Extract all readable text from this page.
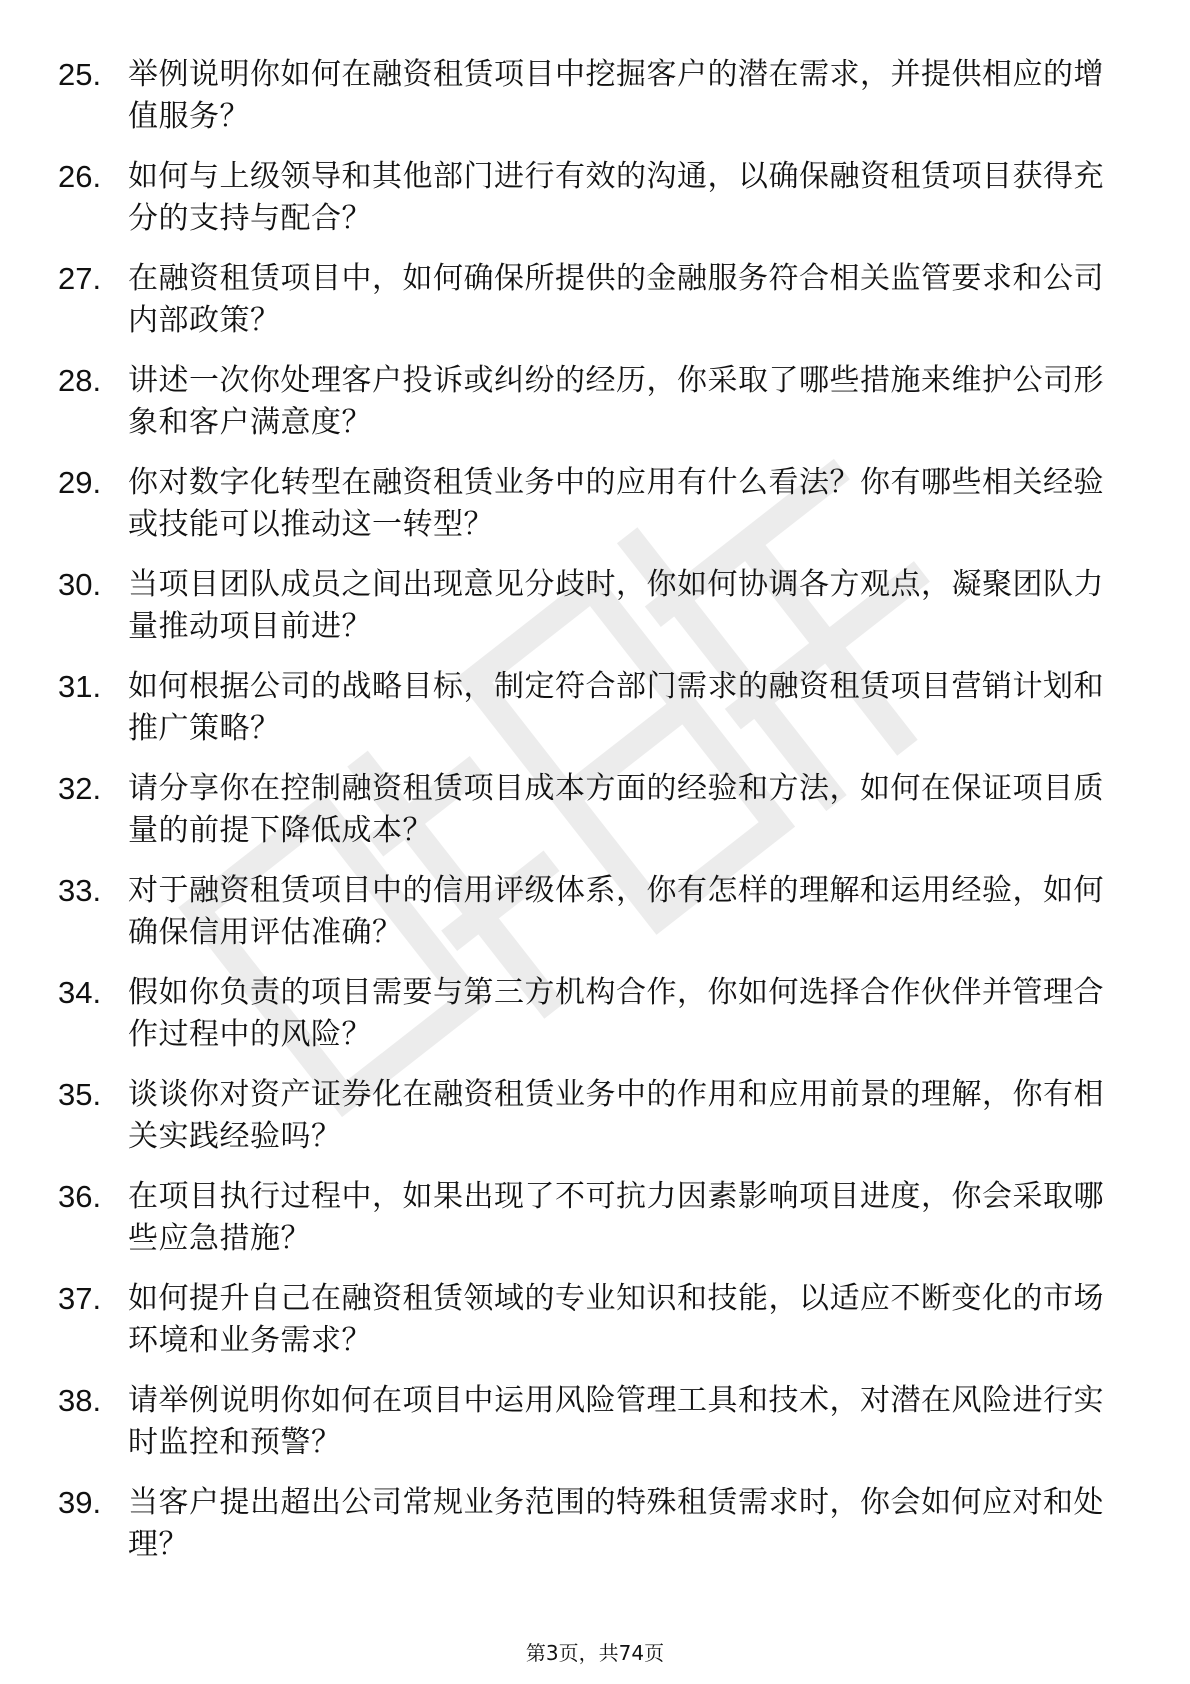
25. 举例说明你如何在融资租赁项目中挖掘客户的潜在需求，并提供相应的增值服务？
26. 如何与上级领导和其他部门进行有效的沟通，以确保融资租赁项目获得充分的支持与配合？
27. 在融资租赁项目中，如何确保所提供的金融服务符合相关监管要求和公司内部政策？
28. 讲述一次你处理客户投诉或纠纷的经历，你采取了哪些措施来维护公司形象和客户满意度？
29. 你对数字化转型在融资租赁业务中的应用有什么看法？你有哪些相关经验或技能可以推动这一转型？
30. 当项目团队成员之间出现意见分歧时，你如何协调各方观点，凝聚团队力量推动项目前进？
31. 如何根据公司的战略目标，制定符合部门需求的融资租赁项目营销计划和推广策略？
32. 请分享你在控制融资租赁项目成本方面的经验和方法，如何在保证项目质量的前提下降低成本？
33. 对于融资租赁项目中的信用评级体系，你有怎样的理解和运用经验，如何确保信用评估准确？
34. 假如你负责的项目需要与第三方机构合作，你如何选择合作伙伴并管理合作过程中的风险？
35. 谈谈你对资产证券化在融资租赁业务中的作用和应用前景的理解，你有相关实践经验吗？
36. 在项目执行过程中，如果出现了不可抗力因素影响项目进度，你会采取哪些应急措施？
37. 如何提升自己在融资租赁领域的专业知识和技能，以适应不断变化的市场环境和业务需求？
38. 请举例说明你如何在项目中运用风险管理工具和技术，对潜在风险进行实时监控和预警？
39. 当客户提出超出公司常规业务范围的特殊租赁需求时，你会如何应对和处理？
第3页，共74页
